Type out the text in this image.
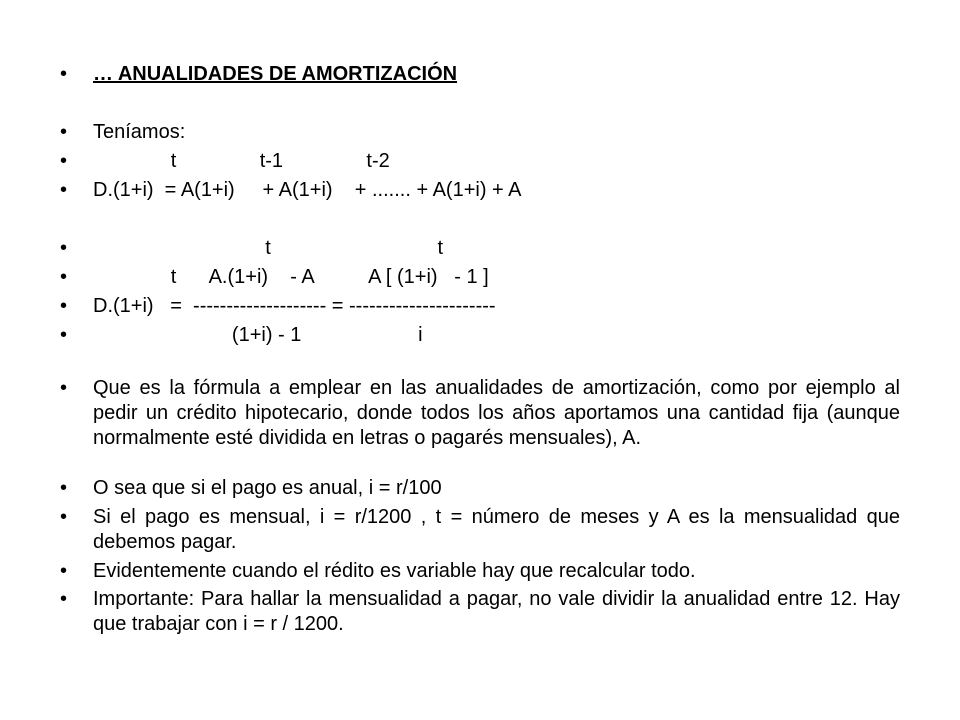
•

	… ANUALIDADES DE AMORTIZACIÓN

•

	Teníamos:

•

	t               t-1               t-2

•

	D.(1+i)  = A(1+i)     + A(1+i)    + ....... + A(1+i) + A

•

	t                              t

•

	t      A.(1+i)    - A          A [ (1+i)   - 1 ]

•

	D.(1+i)   =  -------------------- = ----------------------

•

	(1+i) - 1                     i

•	Que es la fórmula a emplear en las anualidades de amortización, como por ejemplo al pedir un crédito hipotecario, donde todos los años aportamos una cantidad fija (aunque normalmente esté dividida en letras o pagarés mensuales), A.
•	O sea que si el pago es anual, i = r/100
•	Si el pago es mensual, i = r/1200 , t = número de meses y A es la mensualidad que debemos pagar.
•	Evidentemente cuando el rédito es variable hay que recalcular todo.
•	Importante: Para hallar la mensualidad a pagar, no vale dividir la anualidad entre 12. Hay que trabajar con i = r / 1200.
